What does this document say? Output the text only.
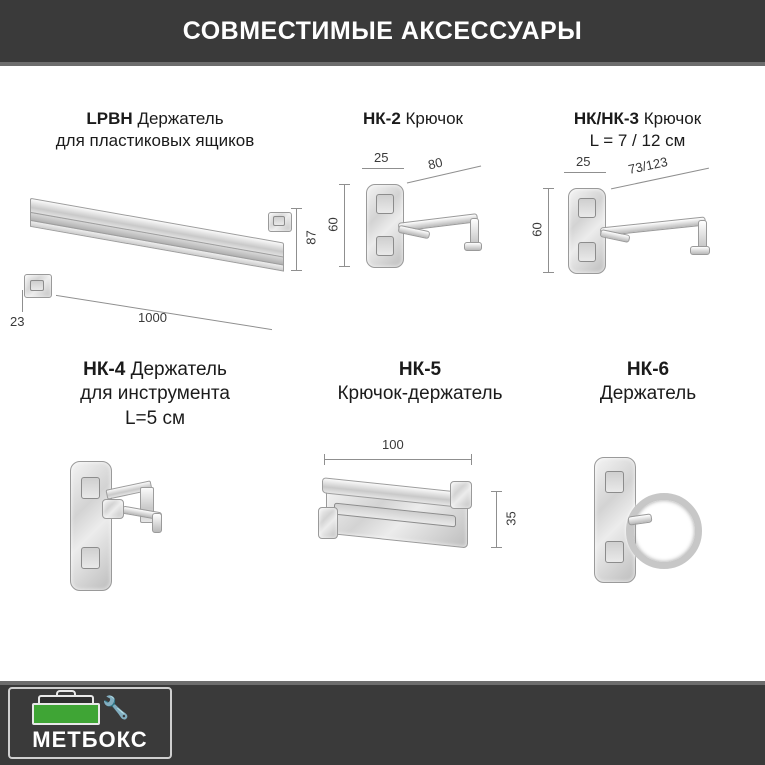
СОВМЕСТИМЫЕ АКСЕССУАРЫ
LPBH Держатель
для пластиковых ящиков
87
1000
23
НК-2 Крючок
25	80
60
НК/НК-3 Крючок
L = 7 / 12 см
25	73/123
60
НК-4 Держатель
для инструмента
L=5 см
НК-5
Крючок-держатель
100
35
НК-6
Держатель
🔧
МЕТБОКС
